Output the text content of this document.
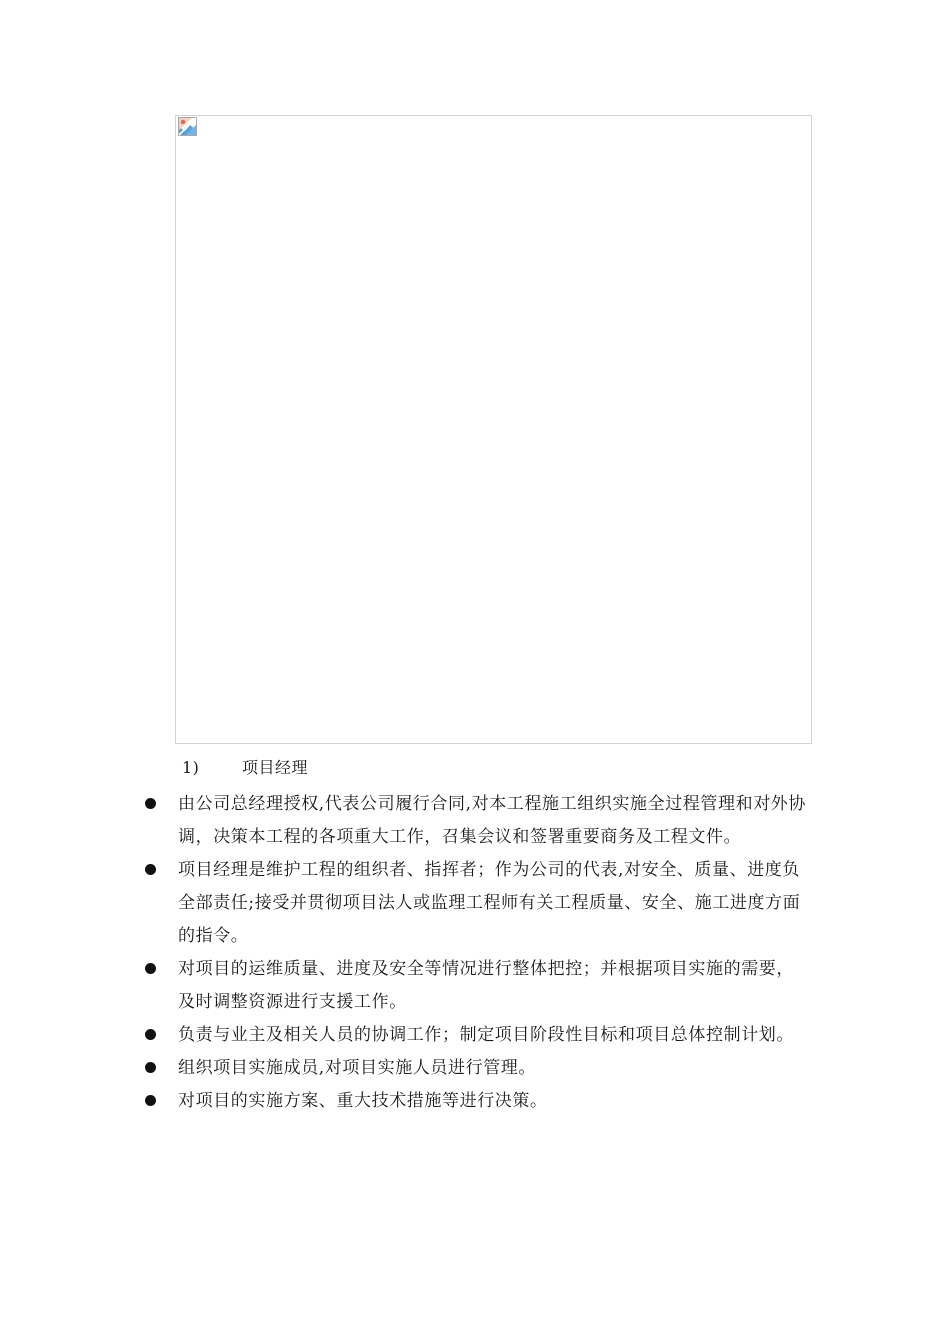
1)	项目经理
由公司总经理授权,代表公司履行合同,对本工程施工组织实施全过程管理和对外协调，决策本工程的各项重大工作，召集会议和签署重要商务及工程文件。
项目经理是维护工程的组织者、指挥者；作为公司的代表,对安全、质量、进度负全部责任;接受并贯彻项目法人或监理工程师有关工程质量、安全、施工进度方面的指令。
对项目的运维质量、进度及安全等情况进行整体把控；并根据项目实施的需要，及时调整资源进行支援工作。
负责与业主及相关人员的协调工作；制定项目阶段性目标和项目总体控制计划。
组织项目实施成员,对项目实施人员进行管理。
对项目的实施方案、重大技术措施等进行决策。
